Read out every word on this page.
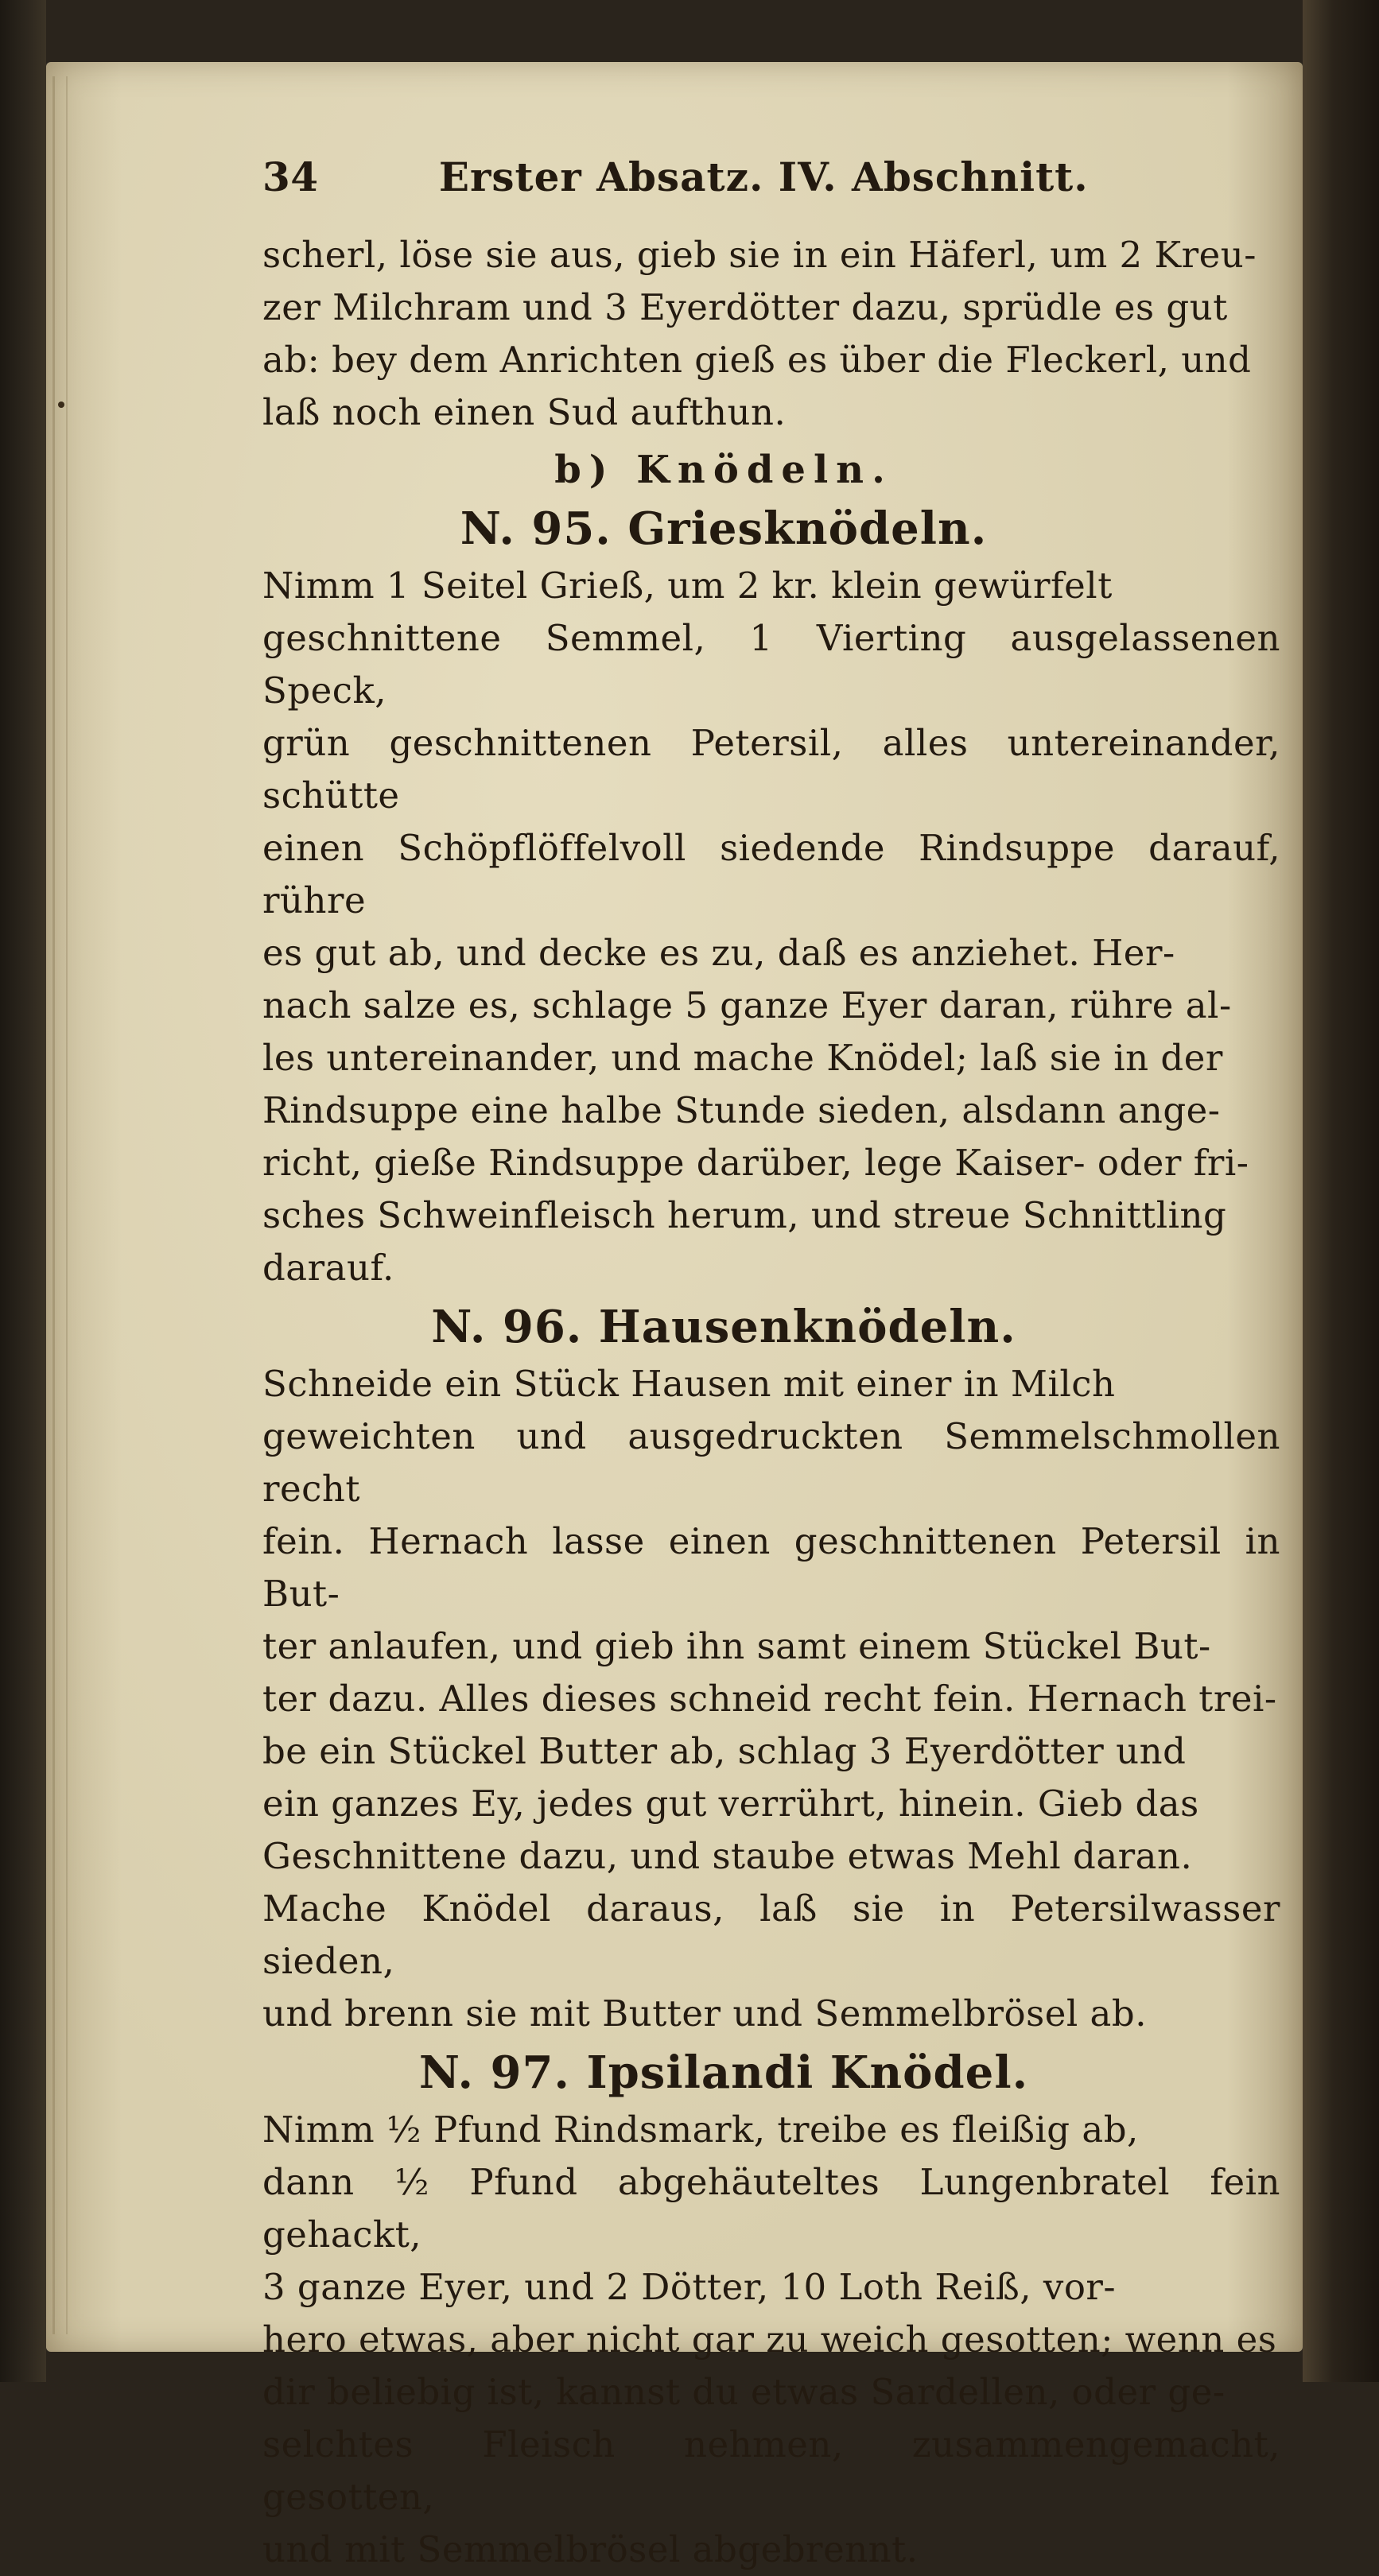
34	Erster Absatz. IV. Abschnitt.

scherl, löse sie aus, gieb sie in ein Häferl, um 2 Kreu-

zer Milchram und 3 Eyerdötter dazu, sprüdle es gut

ab: bey dem Anrichten gieß es über die Fleckerl, und

laß noch einen Sud aufthun.

b) Knödeln.
N. 95. Griesknödeln.

Nimm 1 Seitel Grieß, um 2 kr. klein gewürfelt

geschnittene Semmel, 1 Vierting ausgelassenen Speck,

grün geschnittenen Petersil, alles untereinander, schütte

einen Schöpflöffelvoll siedende Rindsuppe darauf, rühre

es gut ab, und decke es zu, daß es anziehet. Her-

nach salze es, schlage 5 ganze Eyer daran, rühre al-

les untereinander, und mache Knödel; laß sie in der

Rindsuppe eine halbe Stunde sieden, alsdann ange-

richt, gieße Rindsuppe darüber, lege Kaiser- oder fri-

sches Schweinfleisch herum, und streue Schnittling

darauf.

N. 96. Hausenknödeln.

Schneide ein Stück Hausen mit einer in Milch

geweichten und ausgedruckten Semmelschmollen recht

fein. Hernach lasse einen geschnittenen Petersil in But-

ter anlaufen, und gieb ihn samt einem Stückel But-

ter dazu. Alles dieses schneid recht fein. Hernach trei-

be ein Stückel Butter ab, schlag 3 Eyerdötter und

ein ganzes Ey, jedes gut verrührt, hinein. Gieb das

Geschnittene dazu, und staube etwas Mehl daran.

Mache Knödel daraus, laß sie in Petersilwasser sieden,

und brenn sie mit Butter und Semmelbrösel ab.

N. 97. Ipsilandi Knödel.

Nimm ½ Pfund Rindsmark, treibe es fleißig ab,

dann ½ Pfund abgehäuteltes Lungenbratel fein gehackt,

3 ganze Eyer, und 2 Dötter, 10 Loth Reiß, vor-

hero etwas, aber nicht gar zu weich gesotten; wenn es

dir beliebig ist, kannst du etwas Sardellen, oder ge-

selchtes Fleisch nehmen, zusammengemacht, gesotten,

und mit Semmelbrösel abgebrennt.
